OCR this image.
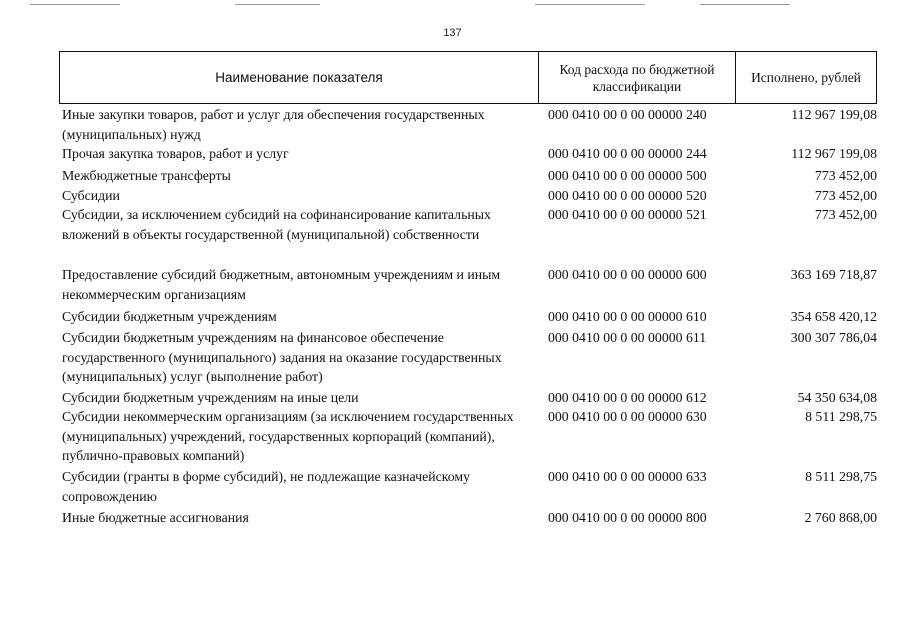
137
Наименование показателя
Код расхода по бюджетной классификации
Исполнено, рублей
Иные закупки товаров, работ и услуг для обеспечения государственных (муниципальных) нужд
000 0410 00 0 00 00000 240	112 967 199,08
Прочая закупка товаров, работ и услуг	000 0410 00 0 00 00000 244	112 967 199,08
Межбюджетные трансферты	000 0410 00 0 00 00000 500	773 452,00
Субсидии	000 0410 00 0 00 00000 520	773 452,00
Субсидии, за исключением субсидий на софинансирование капитальных вложений в объекты государственной (муниципальной) собственности
000 0410 00 0 00 00000 521	773 452,00
Предоставление субсидий бюджетным, автономным учреждениям и иным некоммерческим организациям
000 0410 00 0 00 00000 600	363 169 718,87
Субсидии бюджетным учреждениям	000 0410 00 0 00 00000 610	354 658 420,12
Субсидии бюджетным учреждениям на финансовое обеспечение государственного (муниципального) задания на оказание государственных (муниципальных) услуг (выполнение работ)
000 0410 00 0 00 00000 611	300 307 786,04
Субсидии бюджетным учреждениям на иные цели	000 0410 00 0 00 00000 612	54 350 634,08
Субсидии некоммерческим организациям (за исключением государственных (муниципальных) учреждений, государственных корпораций (компаний), публично-правовых компаний)
000 0410 00 0 00 00000 630	8 511 298,75
Субсидии (гранты в форме субсидий), не подлежащие казначейскому сопровождению
000 0410 00 0 00 00000 633	8 511 298,75
Иные бюджетные ассигнования	000 0410 00 0 00 00000 800	2 760 868,00
